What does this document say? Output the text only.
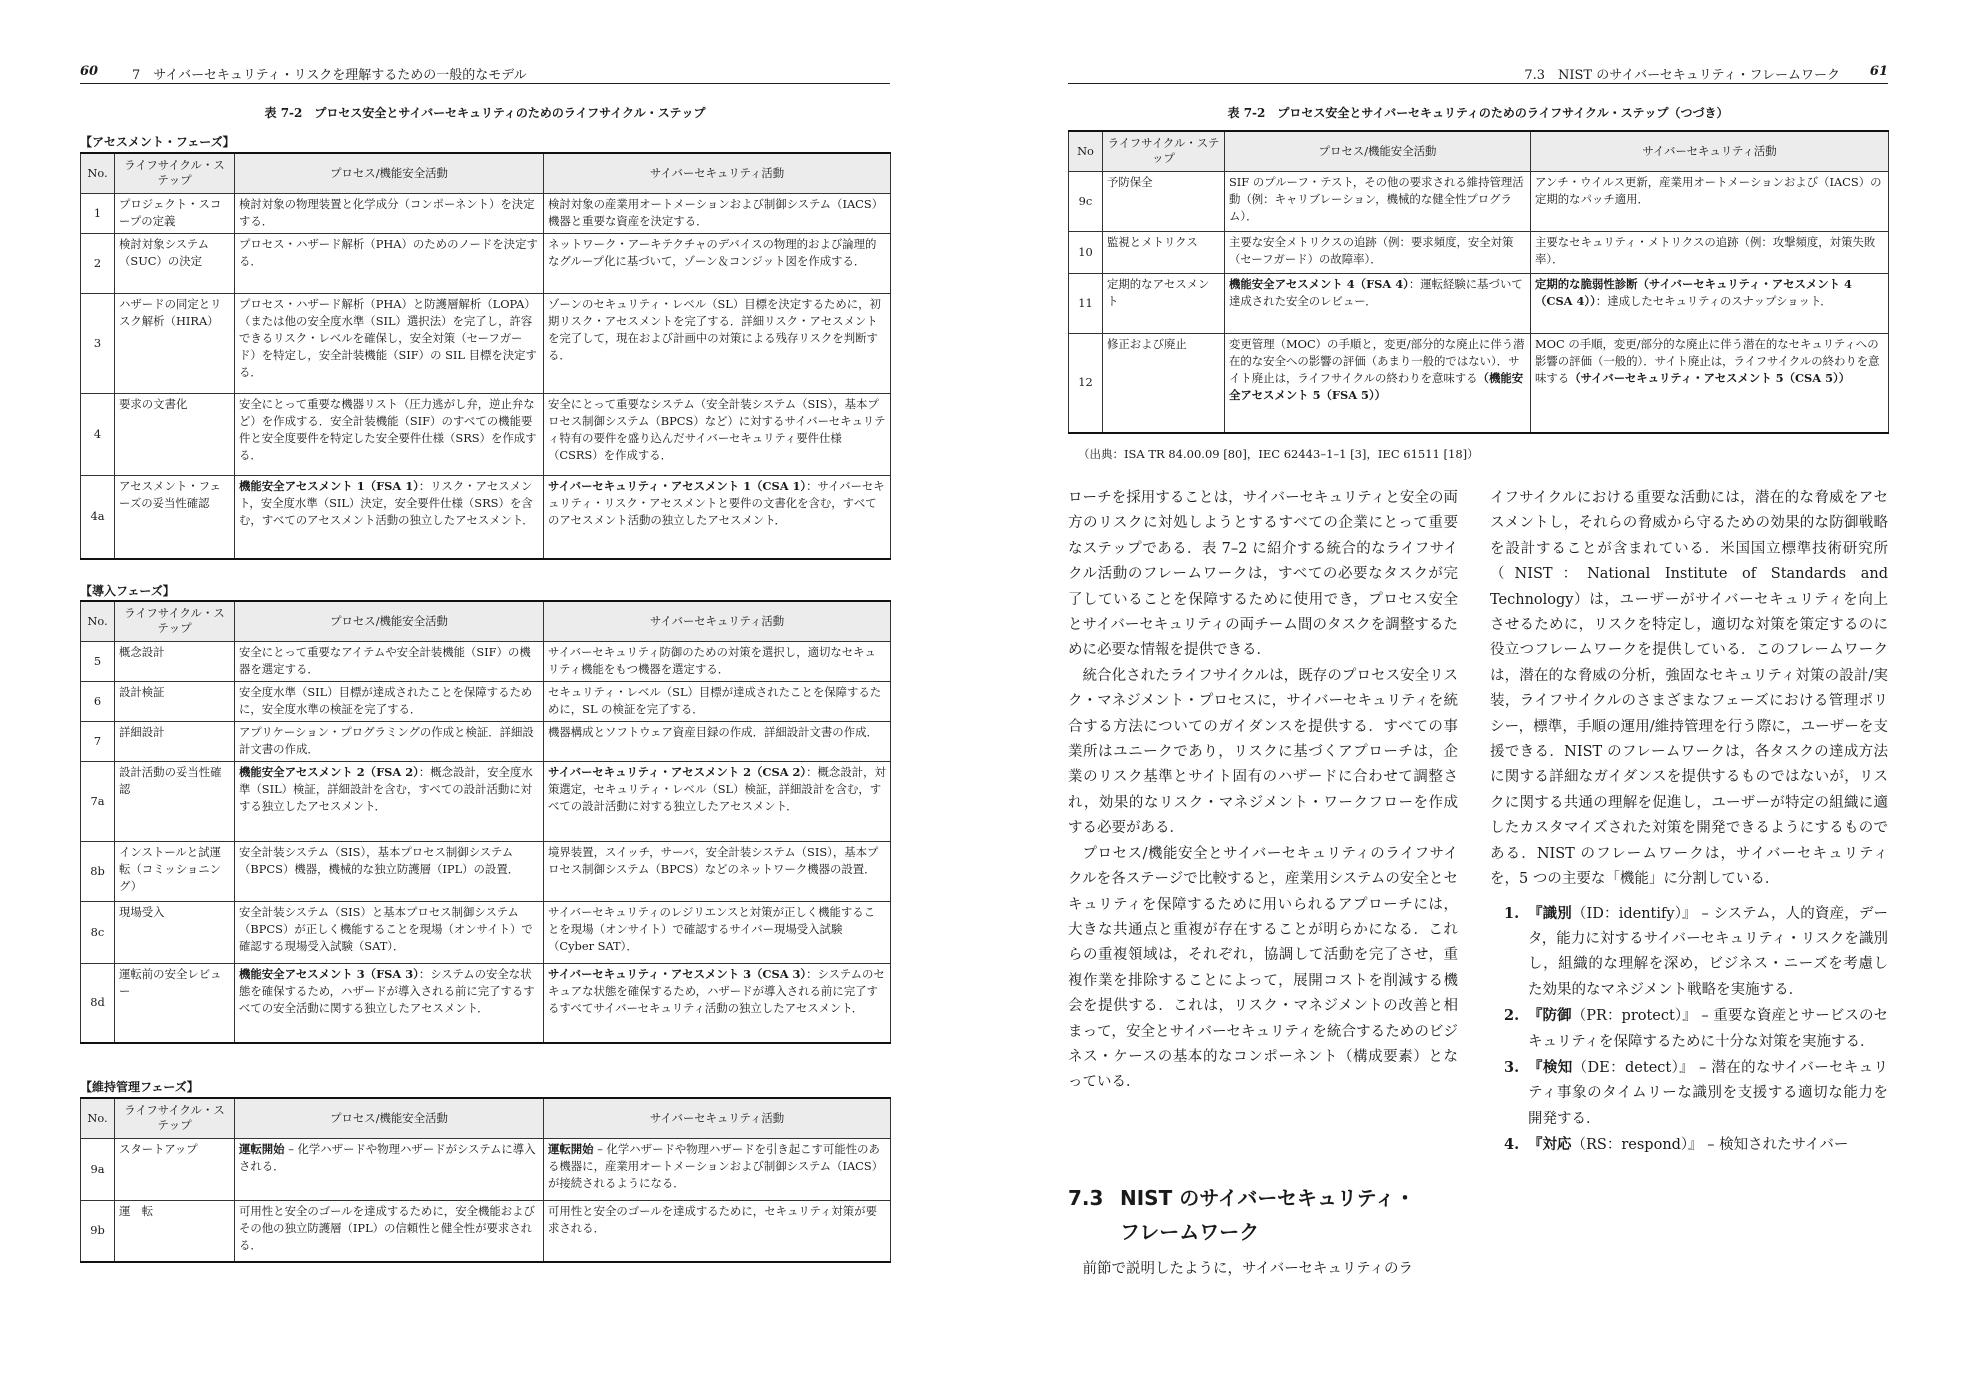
60	7　サイバーセキュリティ・リスクを理解するための一般的なモデル
表 7-2　プロセス安全とサイバーセキュリティのためのライフサイクル・ステップ
【アセスメント・フェーズ】
No.	ライフサイクル・ステップ	プロセス/機能安全活動	サイバーセキュリティ活動
1	プロジェクト・スコープの定義	検討対象の物理装置と化学成分（コンポーネント）を決定する．	検討対象の産業用オートメーションおよび制御システム（IACS）機器と重要な資産を決定する．
2	検討対象システム（SUC）の決定	プロセス・ハザード解析（PHA）のためのノードを決定する．	ネットワーク・アーキテクチャのデバイスの物理的および論理的なグループ化に基づいて，ゾーン＆コンジット図を作成する．
3	ハザードの同定とリスク解析（HIRA）	プロセス・ハザード解析（PHA）と防護層解析（LOPA）（または他の安全度水準（SIL）選択法）を完了し，許容できるリスク・レベルを確保し，安全対策（セーフガード）を特定し，安全計装機能（SIF）の SIL 目標を決定する．	ゾーンのセキュリティ・レベル（SL）目標を決定するために，初期リスク・アセスメントを完了する．詳細リスク・アセスメントを完了して，現在および計画中の対策による残存リスクを判断する．
4	要求の文書化	安全にとって重要な機器リスト（圧力逃がし弁，逆止弁など）を作成する．安全計装機能（SIF）のすべての機能要件と安全度要件を特定した安全要件仕様（SRS）を作成する．	安全にとって重要なシステム（安全計装システム（SIS），基本プロセス制御システム（BPCS）など）に対するサイバーセキュリティ特有の要件を盛り込んだサイバーセキュリティ要件仕様（CSRS）を作成する．
4a	アセスメント・フェーズの妥当性確認	機能安全アセスメント 1（FSA 1）：リスク・アセスメント，安全度水準（SIL）決定，安全要件仕様（SRS）を含む，すべてのアセスメント活動の独立したアセスメント．	サイバーセキュリティ・アセスメント 1（CSA 1）：サイバーセキュリティ・リスク・アセスメントと要件の文書化を含む，すべてのアセスメント活動の独立したアセスメント．
【導入フェーズ】
No.	ライフサイクル・ステップ	プロセス/機能安全活動	サイバーセキュリティ活動
5	概念設計	安全にとって重要なアイテムや安全計装機能（SIF）の機器を選定する．	サイバーセキュリティ防御のための対策を選択し，適切なセキュリティ機能をもつ機器を選定する．
6	設計検証	安全度水準（SIL）目標が達成されたことを保障するために，安全度水準の検証を完了する．	セキュリティ・レベル（SL）目標が達成されたことを保障するために，SL の検証を完了する．
7	詳細設計	アプリケーション・プログラミングの作成と検証．詳細設計文書の作成．	機器構成とソフトウェア資産目録の作成．詳細設計文書の作成．
7a	設計活動の妥当性確認	機能安全アセスメント 2（FSA 2）：概念設計，安全度水準（SIL）検証，詳細設計を含む，すべての設計活動に対する独立したアセスメント．	サイバーセキュリティ・アセスメント 2（CSA 2）：概念設計，対策選定，セキュリティ・レベル（SL）検証，詳細設計を含む，すべての設計活動に対する独立したアセスメント．
8b	インストールと試運転（コミッショニング）	安全計装システム（SIS），基本プロセス制御システム（BPCS）機器，機械的な独立防護層（IPL）の設置．	境界装置，スイッチ，サーバ，安全計装システム（SIS），基本プロセス制御システム（BPCS）などのネットワーク機器の設置．
8c	現場受入	安全計装システム（SIS）と基本プロセス制御システム（BPCS）が正しく機能することを現場（オンサイト）で確認する現場受入試験（SAT）．	サイバーセキュリティのレジリエンスと対策が正しく機能することを現場（オンサイト）で確認するサイバー現場受入試験（Cyber SAT）．
8d	運転前の安全レビュー	機能安全アセスメント 3（FSA 3）：システムの安全な状態を確保するため，ハザードが導入される前に完了するすべての安全活動に関する独立したアセスメント．	サイバーセキュリティ・アセスメント 3（CSA 3）：システムのセキュアな状態を確保するため，ハザードが導入される前に完了するすべてサイバーセキュリティ活動の独立したアセスメント．
【維持管理フェーズ】
No.	ライフサイクル・ステップ	プロセス/機能安全活動	サイバーセキュリティ活動
9a	スタートアップ	運転開始 – 化学ハザードや物理ハザードがシステムに導入される．	運転開始 – 化学ハザードや物理ハザードを引き起こす可能性のある機器に，産業用オートメーションおよび制御システム（IACS）が接続されるようになる．
9b	運　転	可用性と安全のゴールを達成するために，安全機能およびその他の独立防護層（IPL）の信頼性と健全性が要求される．	可用性と安全のゴールを達成するために，セキュリティ対策が要求される．
7.3　NIST のサイバーセキュリティ・フレームワーク 61
表 7-2　プロセス安全とサイバーセキュリティのためのライフサイクル・ステップ（つづき）
No	ライフサイクル・ステップ	プロセス/機能安全活動	サイバーセキュリティ活動
9c	予防保全	SIF のプルーフ・テスト，その他の要求される維持管理活動（例：キャリブレーション，機械的な健全性プログラム）．	アンチ・ウイルス更新，産業用オートメーションおよび（IACS）の定期的なパッチ適用．
10	監視とメトリクス	主要な安全メトリクスの追跡（例：要求頻度，安全対策（セーフガード）の故障率）．	主要なセキュリティ・メトリクスの追跡（例：攻撃頻度，対策失敗率）．
11	定期的なアセスメント	機能安全アセスメント 4（FSA 4）：運転経験に基づいて達成された安全のレビュー．	定期的な脆弱性診断（サイバーセキュリティ・アセスメント 4（CSA 4））：達成したセキュリティのスナップショット．
12	修正および廃止	変更管理（MOC）の手順と，変更/部分的な廃止に伴う潜在的な安全への影響の評価（あまり一般的ではない）．サイト廃止は，ライフサイクルの終わりを意味する（機能安全アセスメント 5（FSA 5））	MOC の手順，変更/部分的な廃止に伴う潜在的なセキュリティへの影響の評価（一般的）．サイト廃止は，ライフサイクルの終わりを意味する（サイバーセキュリティ・アセスメント 5（CSA 5））
（出典：ISA TR 84.00.09 [80]，IEC 62443–1–1 [3]，IEC 61511 [18]）

ローチを採用することは，サイバーセキュリティと安全の両方のリスクに対処しようとするすべての企業にとって重要なステップである．表 7–2 に紹介する統合的なライフサイクル活動のフレームワークは，すべての必要なタスクが完了していることを保障するために使用でき，プロセス安全とサイバーセキュリティの両チーム間のタスクを調整するために必要な情報を提供できる．

統合化されたライフサイクルは，既存のプロセス安全リスク・マネジメント・プロセスに，サイバーセキュリティを統合する方法についてのガイダンスを提供する．すべての事業所はユニークであり，リスクに基づくアプローチは，企業のリスク基準とサイト固有のハザードに合わせて調整され，効果的なリスク・マネジメント・ワークフローを作成する必要がある．

プロセス/機能安全とサイバーセキュリティのライフサイクルを各ステージで比較すると，産業用システムの安全とセキュリティを保障するために用いられるアプローチには，大きな共通点と重複が存在することが明らかになる．これらの重複領域は，それぞれ，協調して活動を完了させ，重複作業を排除することによって，展開コストを削減する機会を提供する．これは，リスク・マネジメントの改善と相まって，安全とサイバーセキュリティを統合するためのビジネス・ケースの基本的なコンポーネント（構成要素）となっている．

7.3 NIST のサイバーセキュリティ・
フレームワーク

前節で説明したように，サイバーセキュリティのラ

イフサイクルにおける重要な活動には，潜在的な脅威をアセスメントし，それらの脅威から守るための効果的な防御戦略を設計することが含まれている．米国国立標準技術研究所（NIST：National Institute of Standards and Technology）は，ユーザーがサイバーセキュリティを向上させるために，リスクを特定し，適切な対策を策定するのに役立つフレームワークを提供している．このフレームワークは，潜在的な脅威の分析，強固なセキュリティ対策の設計/実装，ライフサイクルのさまざまなフェーズにおける管理ポリシー，標準，手順の運用/維持管理を行う際に，ユーザーを支援できる．NIST のフレームワークは，各タスクの達成方法に関する詳細なガイダンスを提供するものではないが，リスクに関する共通の理解を促進し，ユーザーが特定の組織に適したカスタマイズされた対策を開発できるようにするものである．NIST のフレームワークは，サイバーセキュリティを，5 つの主要な「機能」に分割している．

1. 『識別（ID：identify）』 – システム，人的資産，データ，能力に対するサイバーセキュリティ・リスクを識別し，組織的な理解を深め，ビジネス・ニーズを考慮した効果的なマネジメント戦略を実施する．
2. 『防御（PR：protect）』 – 重要な資産とサービスのセキュリティを保障するために十分な対策を実施する．
3. 『検知（DE：detect）』 – 潜在的なサイバーセキュリティ事象のタイムリーな識別を支援する適切な能力を開発する．
4. 『対応（RS：respond）』 – 検知されたサイバー
